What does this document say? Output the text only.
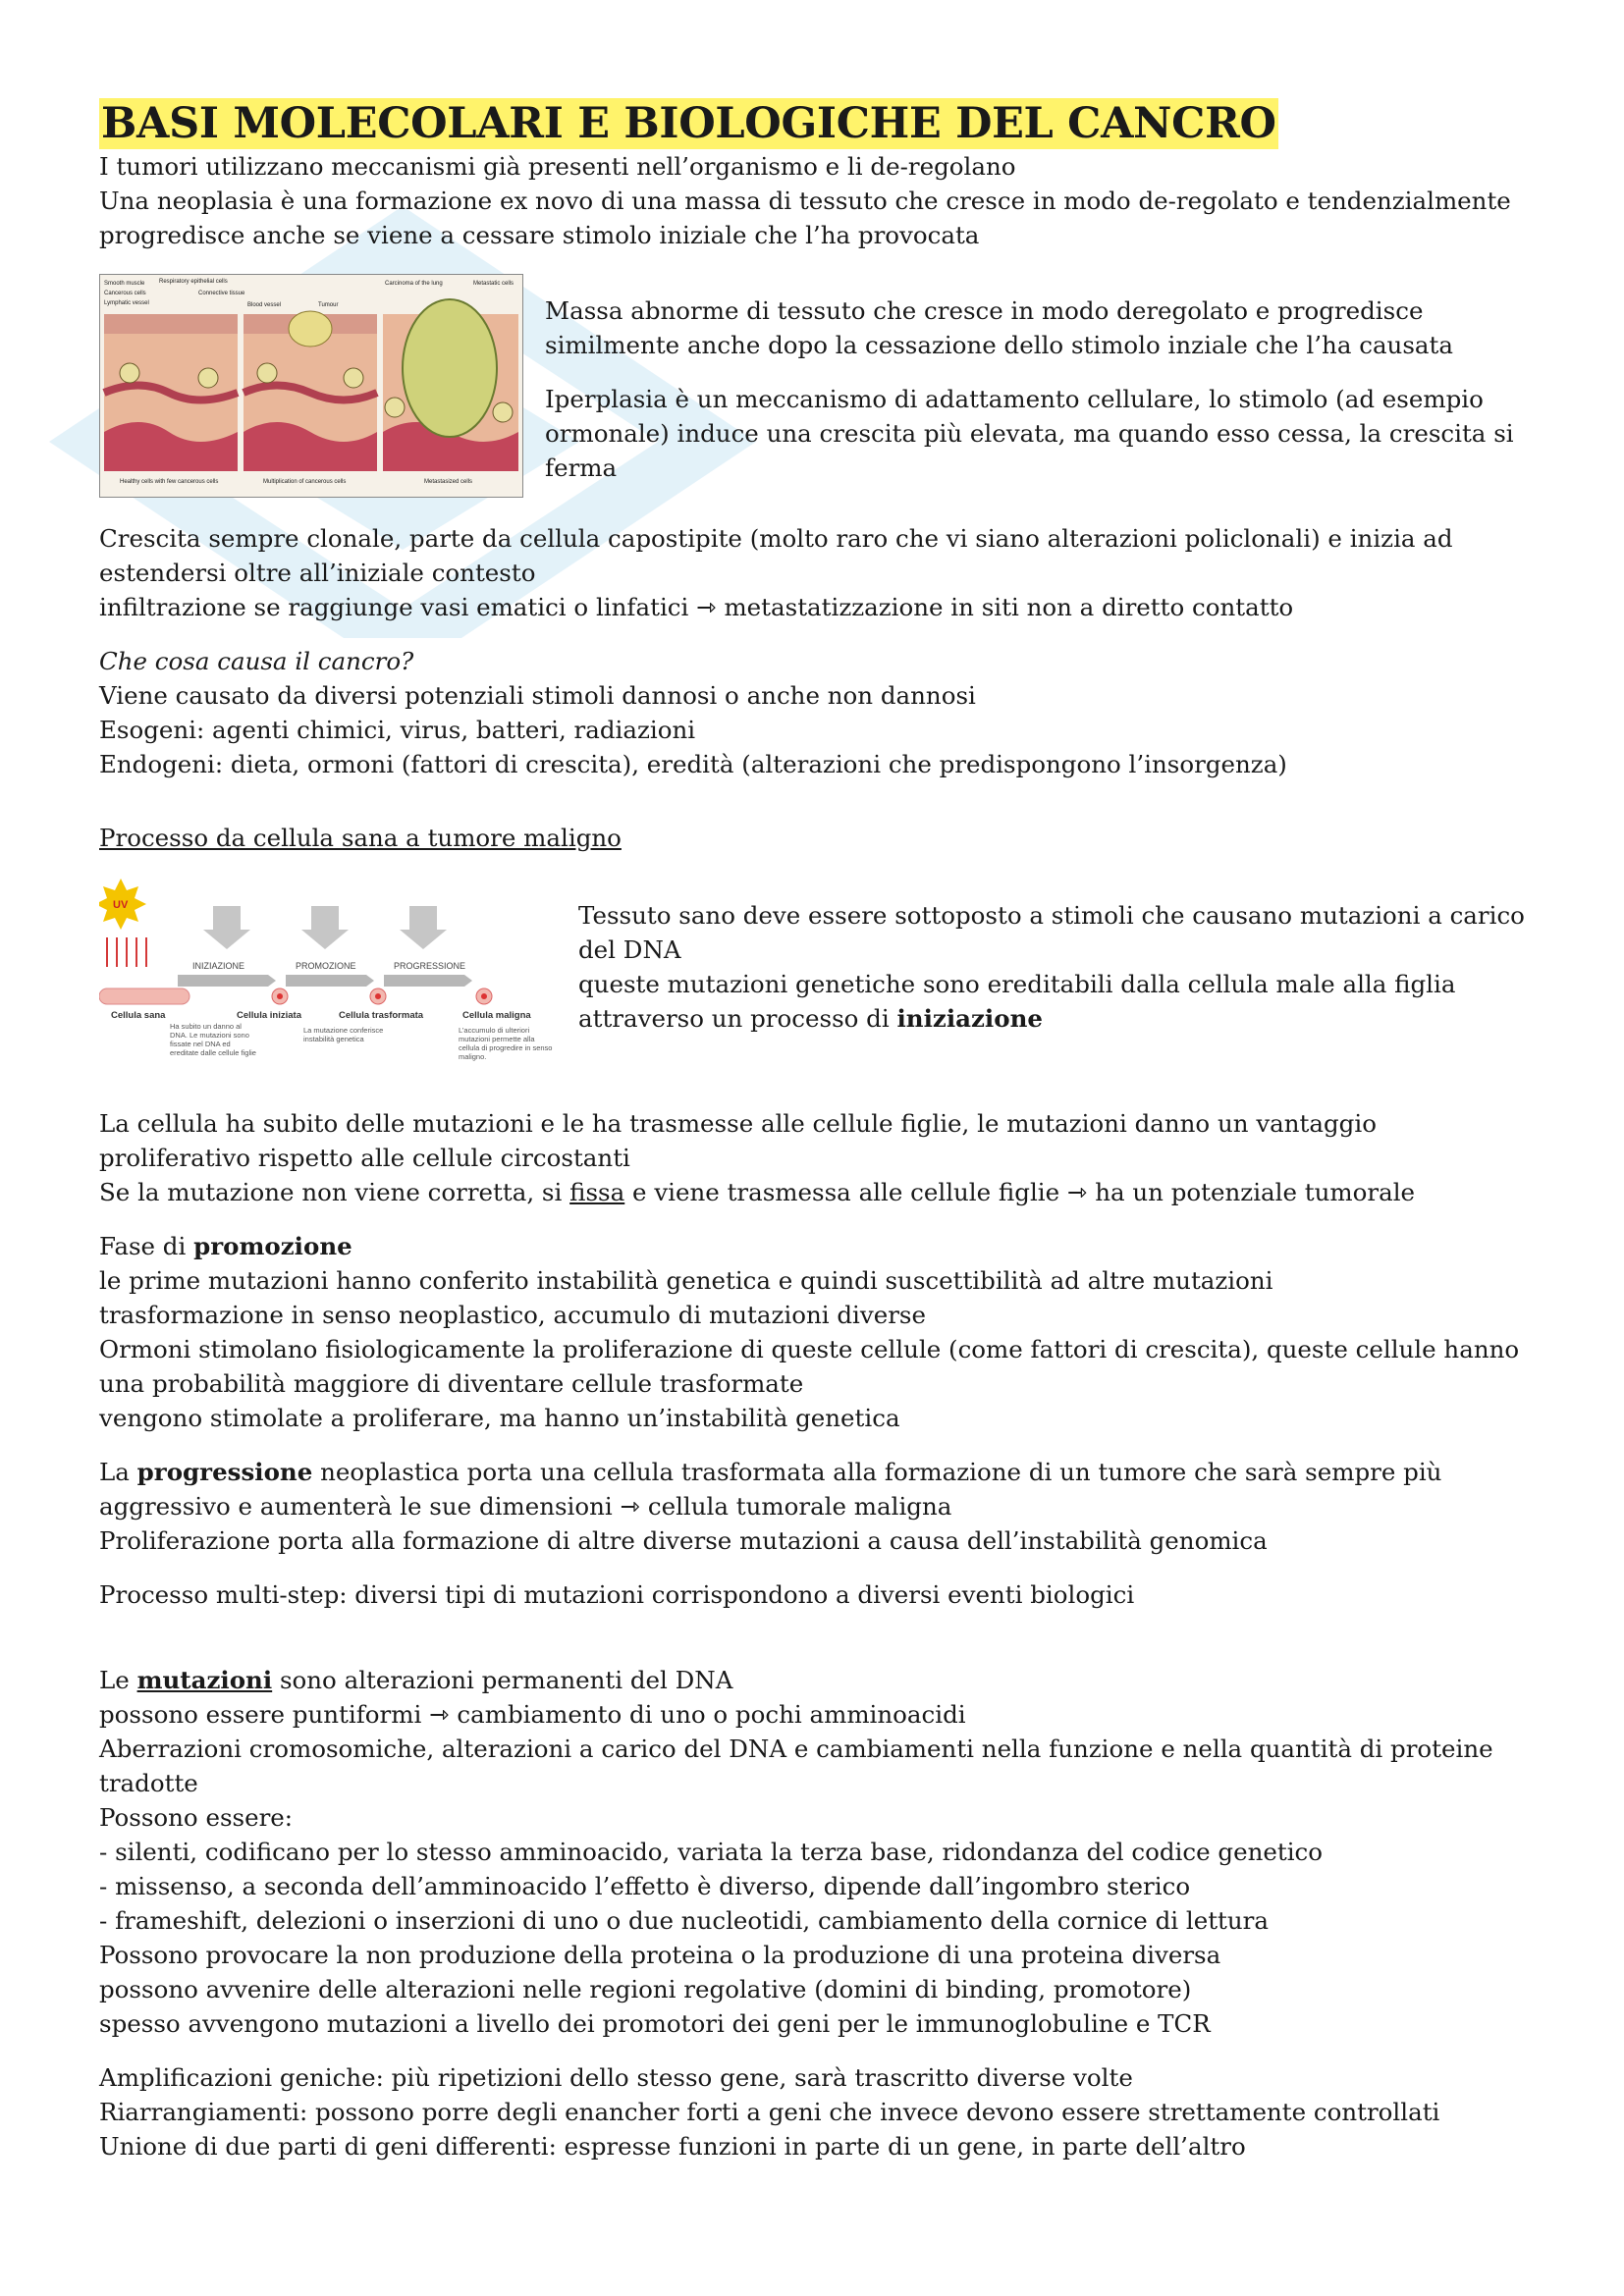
BASI MOLECOLARI E BIOLOGICHE DEL CANCRO

I tumori utilizzano meccanismi già presenti nell’organismo e li de-regolano

Una neoplasia è una formazione ex novo di una massa di tessuto che cresce in modo de-regolato e tendenzialmente progredisce anche se viene a cessare stimolo iniziale che l’ha provocata

Smooth muscle Respiratory epithelial cells
Cancerous cells	Connective tissue
Lymphatic vessel	Blood vessel	Tumour
Carcinoma of the lung	Metastatic cells
Healthy cells with few cancerous cells	Multiplication of cancerous cells	Metastasized cells

Massa abnorme di tessuto che cresce in modo deregolato e progredisce similmente anche dopo la cessazione dello stimolo inziale che l’ha causata

Iperplasia è un meccanismo di adattamento cellulare, lo stimolo (ad esempio ormonale) induce una crescita più elevata, ma quando esso cessa, la crescita si ferma

Crescita sempre clonale, parte da cellula capostipite (molto raro che vi siano alterazioni policlonali) e inizia ad estendersi oltre all’iniziale contesto

infiltrazione se raggiunge vasi ematici o linfatici ⇾ metastatizzazione in siti non a diretto contatto

Che cosa causa il cancro?

Viene causato da diversi potenziali stimoli dannosi o anche non dannosi

Esogeni: agenti chimici, virus, batteri, radiazioni

Endogeni: dieta, ormoni (fattori di crescita), eredità (alterazioni che predispongono l’insorgenza)

Processo da cellula sana a tumore maligno

UV
INIZIAZIONE	PROMOZIONE	PROGRESSIONE
Cellula sana	Cellula iniziata	Cellula trasformata	Cellula maligna
Ha subito un danno al DNA. Le mutazioni sono fissate nel DNA ed ereditate dalle cellule figlie
La mutazione conferisce instabilità genetica
L’accumulo di ulteriori mutazioni permette alla cellula di progredire in senso maligno.

Tessuto sano deve essere sottoposto a stimoli che causano mutazioni a carico del DNA

queste mutazioni genetiche sono ereditabili dalla cellula male alla figlia attraverso un processo di iniziazione

La cellula ha subito delle mutazioni e le ha trasmesse alle cellule figlie, le mutazioni danno un vantaggio proliferativo rispetto alle cellule circostanti

Se la mutazione non viene corretta, si fissa e viene trasmessa alle cellule figlie ⇾ ha un potenziale tumorale

Fase di promozione

le prime mutazioni hanno conferito instabilità genetica e quindi suscettibilità ad altre mutazioni

trasformazione in senso neoplastico, accumulo di mutazioni diverse

Ormoni stimolano fisiologicamente la proliferazione di queste cellule (come fattori di crescita), queste cellule hanno una probabilità maggiore di diventare cellule trasformate

vengono stimolate a proliferare, ma hanno un’instabilità genetica

La progressione neoplastica porta una cellula trasformata alla formazione di un tumore che sarà sempre più aggressivo e aumenterà le sue dimensioni ⇾ cellula tumorale maligna

Proliferazione porta alla formazione di altre diverse mutazioni a causa dell’instabilità genomica

Processo multi-step: diversi tipi di mutazioni corrispondono a diversi eventi biologici

Le mutazioni sono alterazioni permanenti del DNA

possono essere puntiformi ⇾ cambiamento di uno o pochi amminoacidi

Aberrazioni cromosomiche, alterazioni a carico del DNA e cambiamenti nella funzione e nella quantità di proteine tradotte

Possono essere:

- silenti, codificano per lo stesso amminoacido, variata la terza base, ridondanza del codice genetico

- missenso, a seconda dell’amminoacido l’effetto è diverso, dipende dall’ingombro sterico

- frameshift, delezioni o inserzioni di uno o due nucleotidi, cambiamento della cornice di lettura

Possono provocare la non produzione della proteina o la produzione di una proteina diversa

possono avvenire delle alterazioni nelle regioni regolative (domini di binding, promotore)

spesso avvengono mutazioni a livello dei promotori dei geni per le immunoglobuline e TCR

Amplificazioni geniche: più ripetizioni dello stesso gene, sarà trascritto diverse volte

Riarrangiamenti: possono porre degli enancher forti a geni che invece devono essere strettamente controllati

Unione di due parti di geni differenti: espresse funzioni in parte di un gene, in parte dell’altro
